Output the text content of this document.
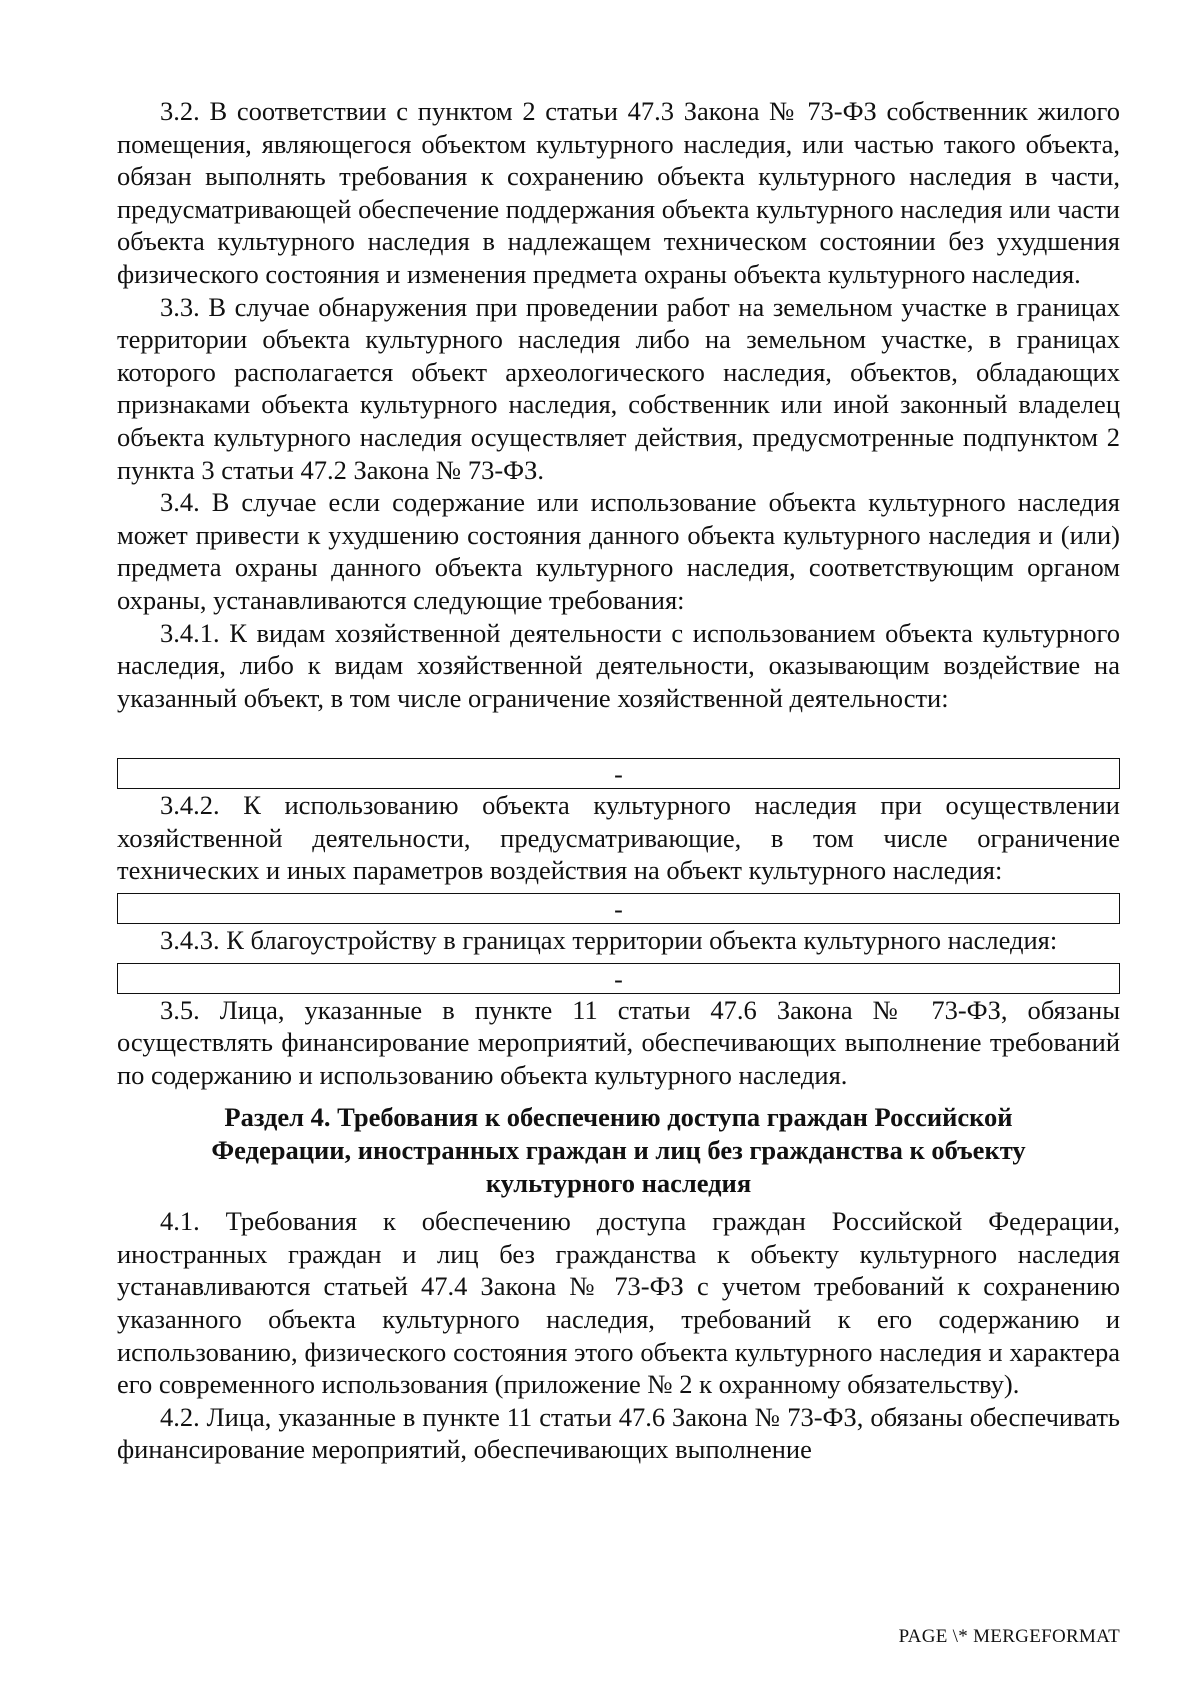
3.2. В соответствии с пунктом 2 статьи 47.3 Закона № 73-ФЗ собственник жилого помещения, являющегося объектом культурного наследия, или частью такого объекта, обязан выполнять требования к сохранению объекта культурного наследия в части, предусматривающей обеспечение поддержания объекта культурного наследия или части объекта культурного наследия в надлежащем техническом состоянии без ухудшения физического состояния и изменения предмета охраны объекта культурного наследия.

3.3. В случае обнаружения при проведении работ на земельном участке в границах территории объекта культурного наследия либо на земельном участке, в границах которого располагается объект археологического наследия, объектов, обладающих признаками объекта культурного наследия, собственник или иной законный владелец объекта культурного наследия осуществляет действия, предусмотренные подпунктом 2 пункта 3 статьи 47.2 Закона № 73-ФЗ.

3.4. В случае если содержание или использование объекта культурного наследия может привести к ухудшению состояния данного объекта культурного наследия и (или) предмета охраны данного объекта культурного наследия, соответствующим органом охраны, устанавливаются следующие требования:

3.4.1. К видам хозяйственной деятельности с использованием объекта культурного наследия, либо к видам хозяйственной деятельности, оказывающим воздействие на указанный объект, в том числе ограничение хозяйственной деятельности:

-

3.4.2. К использованию объекта культурного наследия при осуществлении хозяйственной деятельности, предусматривающие, в том числе ограничение технических и иных параметров воздействия на объект культурного наследия:

-

3.4.3. К благоустройству в границах территории объекта культурного наследия:

-

3.5. Лица, указанные в пункте 11 статьи 47.6 Закона № 73-ФЗ, обязаны осуществлять финансирование мероприятий, обеспечивающих выполнение требований по содержанию и использованию объекта культурного наследия.

Раздел 4. Требования к обеспечению доступа граждан Российской Федерации, иностранных граждан и лиц без гражданства к объекту культурного наследия

4.1. Требования к обеспечению доступа граждан Российской Федерации, иностранных граждан и лиц без гражданства к объекту культурного наследия устанавливаются статьей 47.4 Закона № 73-ФЗ с учетом требований к сохранению указанного объекта культурного наследия, требований к его содержанию и использованию, физического состояния этого объекта культурного наследия и характера его современного использования (приложение № 2 к охранному обязательству).

4.2. Лица, указанные в пункте 11 статьи 47.6 Закона № 73-ФЗ, обязаны обеспечивать финансирование мероприятий, обеспечивающих выполнение

PAGE \* MERGEFORMAT
